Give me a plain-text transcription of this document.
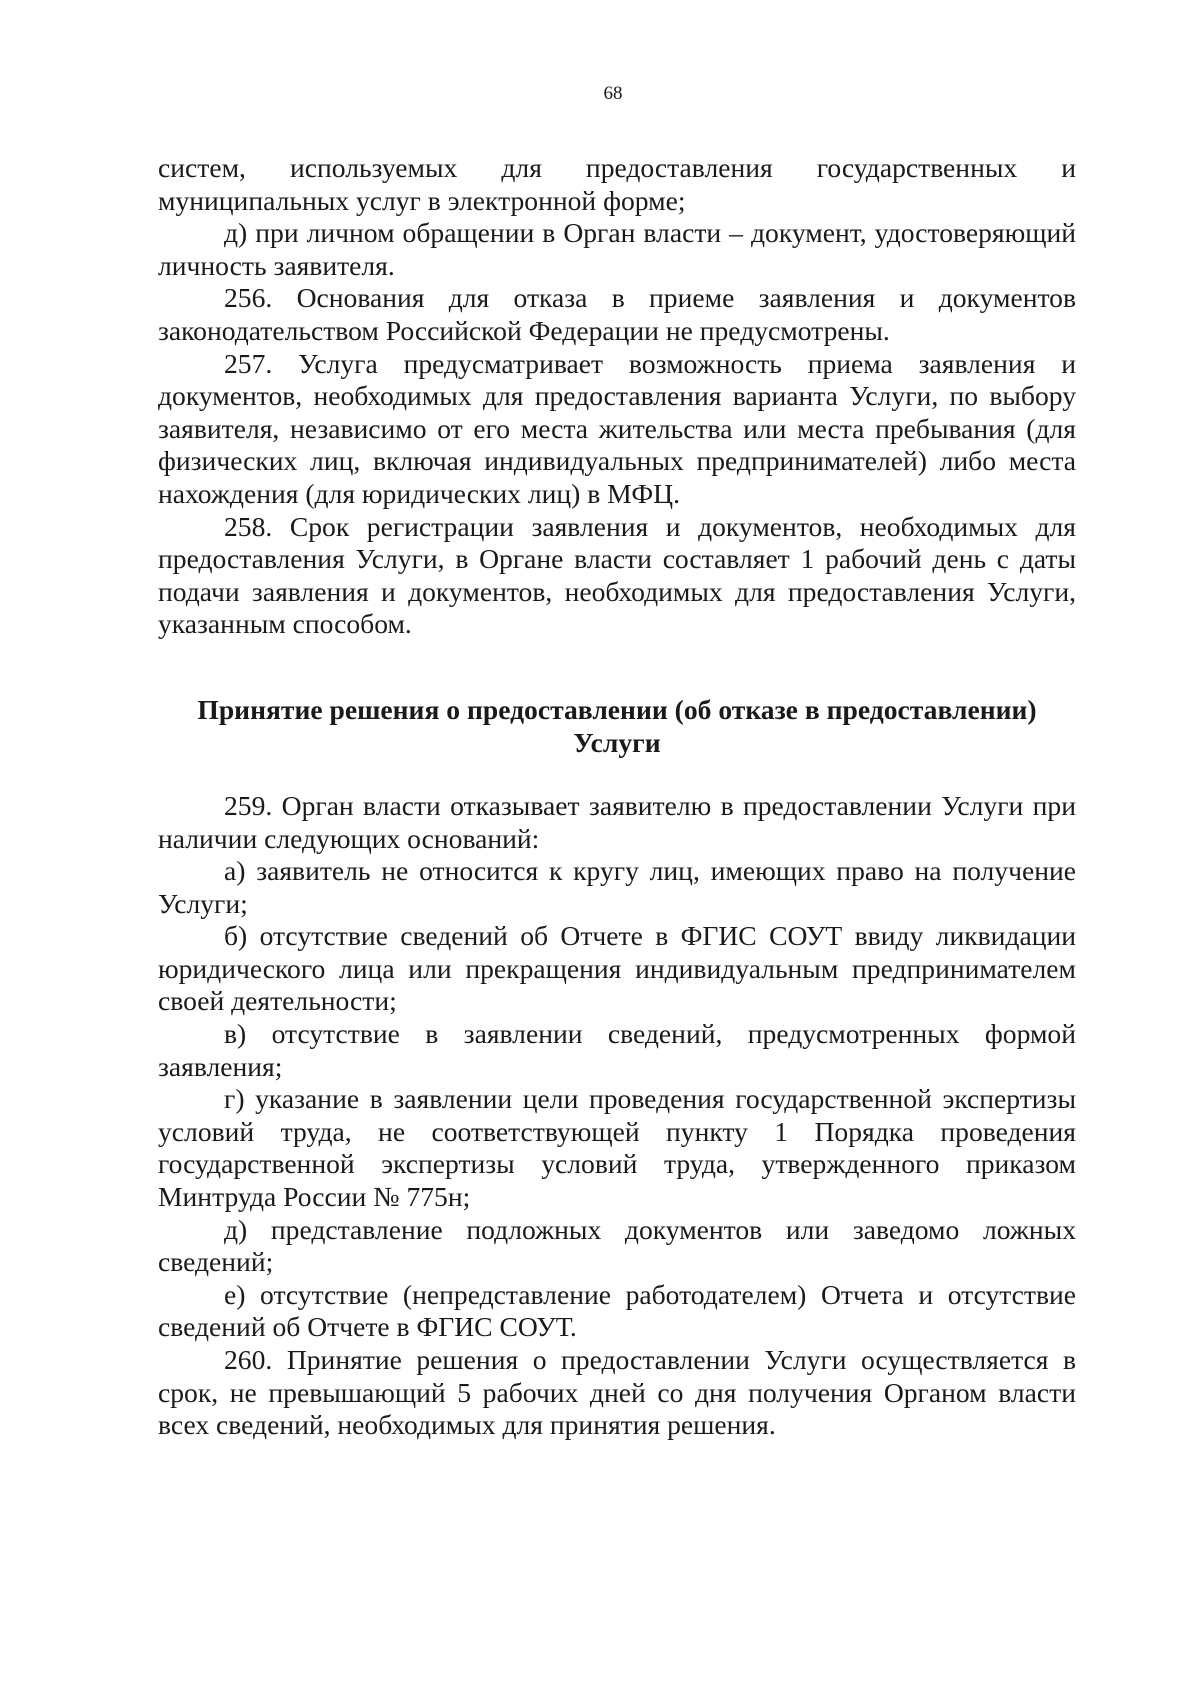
68

систем, используемых для предоставления государственных и муниципальных услуг в электронной форме;

д) при личном обращении в Орган власти – документ, удостоверяющий личность заявителя.

256. Основания для отказа в приеме заявления и документов законодательством Российской Федерации не предусмотрены.

257. Услуга предусматривает возможность приема заявления и документов, необходимых для предоставления варианта Услуги, по выбору заявителя, независимо от его места жительства или места пребывания (для физических лиц, включая индивидуальных предпринимателей) либо места нахождения (для юридических лиц) в МФЦ.

258. Срок регистрации заявления и документов, необходимых для предоставления Услуги, в Органе власти составляет 1 рабочий день с даты подачи заявления и документов, необходимых для предоставления Услуги, указанным способом.

Принятие решения о предоставлении (об отказе в предоставлении)
Услуги

259. Орган власти отказывает заявителю в предоставлении Услуги при наличии следующих оснований:

а) заявитель не относится к кругу лиц, имеющих право на получение Услуги;

б) отсутствие сведений об Отчете в ФГИС СОУТ ввиду ликвидации юридического лица или прекращения индивидуальным предпринимателем своей деятельности;

в) отсутствие в заявлении сведений, предусмотренных формой заявления;

г) указание в заявлении цели проведения государственной экспертизы условий труда, не соответствующей пункту 1 Порядка проведения государственной экспертизы условий труда, утвержденного приказом Минтруда России № 775н;

д) представление подложных документов или заведомо ложных сведений;

е) отсутствие (непредставление работодателем) Отчета и отсутствие сведений об Отчете в ФГИС СОУТ.

260. Принятие решения о предоставлении Услуги осуществляется в срок, не превышающий 5 рабочих дней со дня получения Органом власти всех сведений, необходимых для принятия решения.
